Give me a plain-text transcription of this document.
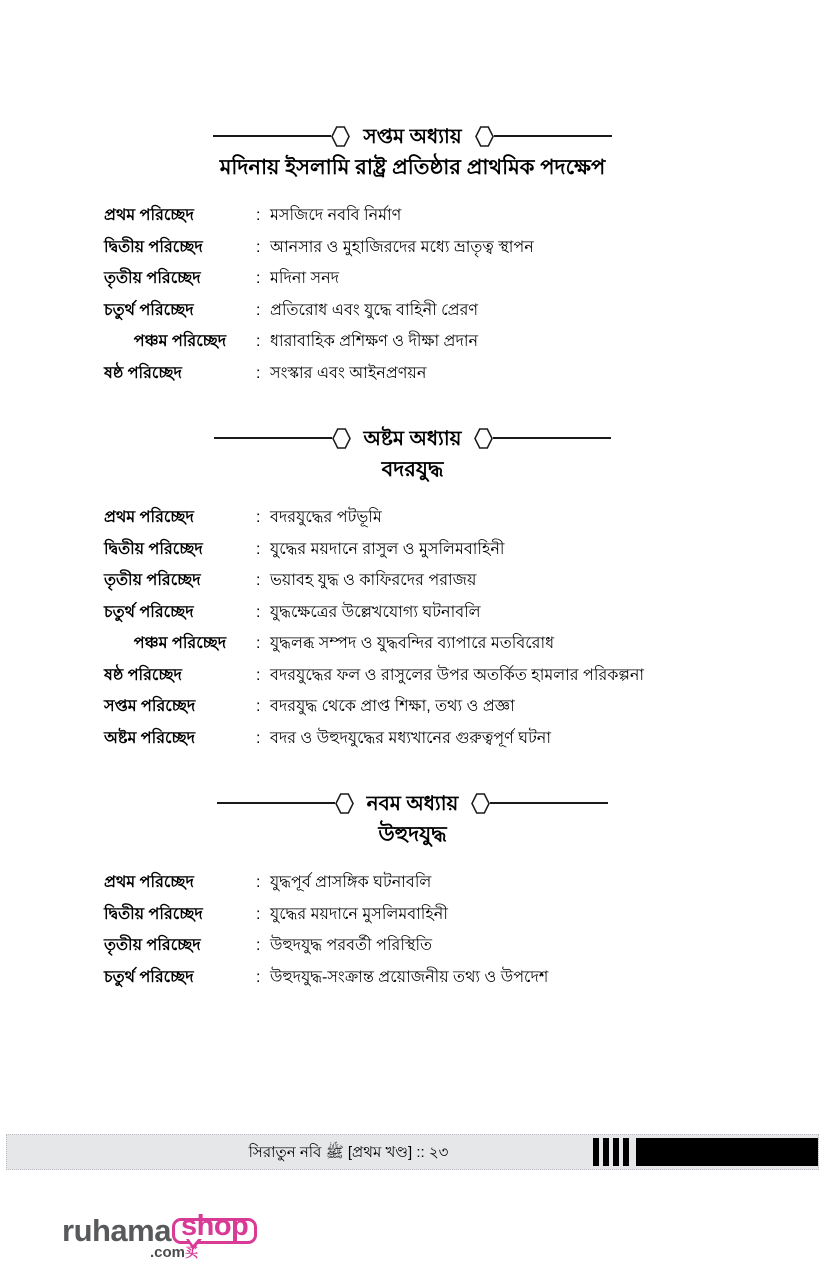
সপ্তম অধ্যায়
মদিনায় ইসলামি রাষ্ট্র প্রতিষ্ঠার প্রাথমিক পদক্ষেপ
প্রথম পরিচ্ছেদ	: মসজিদে নববি নির্মাণ
দ্বিতীয় পরিচ্ছেদ	: আনসার ও মুহাজিরদের মধ্যে ভ্রাতৃত্ব স্থাপন
তৃতীয় পরিচ্ছেদ	: মদিনা সনদ
চতুর্থ পরিচ্ছেদ	: প্রতিরোধ এবং যুদ্ধে বাহিনী প্রেরণ
পঞ্চম পরিচ্ছেদ	: ধারাবাহিক প্রশিক্ষণ ও দীক্ষা প্রদান
ষষ্ঠ পরিচ্ছেদ	: সংস্কার এবং আইনপ্রণয়ন
অষ্টম অধ্যায়
বদরযুদ্ধ
প্রথম পরিচ্ছেদ	: বদরযুদ্ধের পটভূমি
দ্বিতীয় পরিচ্ছেদ	: যুদ্ধের ময়দানে রাসুল ও মুসলিমবাহিনী
তৃতীয় পরিচ্ছেদ	: ভয়াবহ যুদ্ধ ও কাফিরদের পরাজয়
চতুর্থ পরিচ্ছেদ	: যুদ্ধক্ষেত্রের উল্লেখযোগ্য ঘটনাবলি
পঞ্চম পরিচ্ছেদ	: যুদ্ধলব্ধ সম্পদ ও যুদ্ধবন্দির ব্যাপারে মতবিরোধ
ষষ্ঠ পরিচ্ছেদ	: বদরযুদ্ধের ফল ও রাসুলের উপর অতর্কিত হামলার পরিকল্পনা
সপ্তম পরিচ্ছেদ	: বদরযুদ্ধ থেকে প্রাপ্ত শিক্ষা, তথ্য ও প্রজ্ঞা
অষ্টম পরিচ্ছেদ	: বদর ও উহুদযুদ্ধের মধ্যখানের গুরুত্বপূর্ণ ঘটনা
নবম অধ্যায়
উহুদযুদ্ধ
প্রথম পরিচ্ছেদ	: যুদ্ধপূর্ব প্রাসঙ্গিক ঘটনাবলি
দ্বিতীয় পরিচ্ছেদ	: যুদ্ধের ময়দানে মুসলিমবাহিনী
তৃতীয় পরিচ্ছেদ	: উহুদযুদ্ধ পরবর্তী পরিস্থিতি
চতুর্থ পরিচ্ছেদ	: উহুদযুদ্ধ-সংক্রান্ত প্রয়োজনীয় তথ্য ও উপদেশ
সিরাতুন নবি ﷺ [প্রথম খণ্ড] :: ২৩
ruhama shop
.com买
